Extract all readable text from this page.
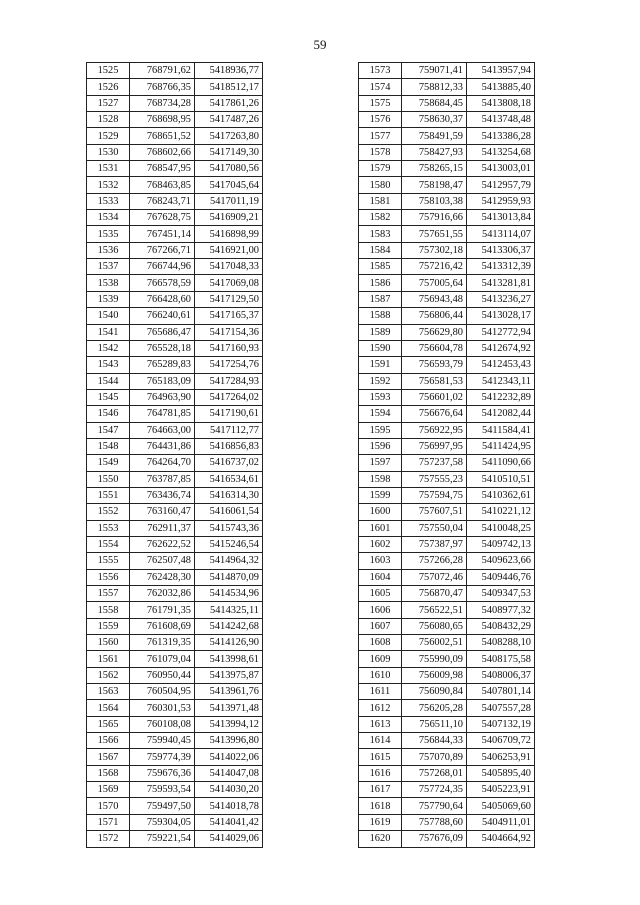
59
1525	768791,62	5418936,77
1526	768766,35	5418512,17
1527	768734,28	5417861,26
1528	768698,95	5417487,26
1529	768651,52	5417263,80
1530	768602,66	5417149,30
1531	768547,95	5417080,56
1532	768463,85	5417045,64
1533	768243,71	5417011,19
1534	767628,75	5416909,21
1535	767451,14	5416898,99
1536	767266,71	5416921,00
1537	766744,96	5417048,33
1538	766578,59	5417069,08
1539	766428,60	5417129,50
1540	766240,61	5417165,37
1541	765686,47	5417154,36
1542	765528,18	5417160,93
1543	765289,83	5417254,76
1544	765183,09	5417284,93
1545	764963,90	5417264,02
1546	764781,85	5417190,61
1547	764663,00	5417112,77
1548	764431,86	5416856,83
1549	764264,70	5416737,02
1550	763787,85	5416534,61
1551	763436,74	5416314,30
1552	763160,47	5416061,54
1553	762911,37	5415743,36
1554	762622,52	5415246,54
1555	762507,48	5414964,32
1556	762428,30	5414870,09
1557	762032,86	5414534,96
1558	761791,35	5414325,11
1559	761608,69	5414242,68
1560	761319,35	5414126,90
1561	761079,04	5413998,61
1562	760950,44	5413975,87
1563	760504,95	5413961,76
1564	760301,53	5413971,48
1565	760108,08	5413994,12
1566	759940,45	5413996,80
1567	759774,39	5414022,06
1568	759676,36	5414047,08
1569	759593,54	5414030,20
1570	759497,50	5414018,78
1571	759304,05	5414041,42
1572	759221,54	5414029,06
1573	759071,41	5413957,94
1574	758812,33	5413885,40
1575	758684,45	5413808,18
1576	758630,37	5413748,48
1577	758491,59	5413386,28
1578	758427,93	5413254,68
1579	758265,15	5413003,01
1580	758198,47	5412957,79
1581	758103,38	5412959,93
1582	757916,66	5413013,84
1583	757651,55	5413114,07
1584	757302,18	5413306,37
1585	757216,42	5413312,39
1586	757005,64	5413281,81
1587	756943,48	5413236,27
1588	756806,44	5413028,17
1589	756629,80	5412772,94
1590	756604,78	5412674,92
1591	756593,79	5412453,43
1592	756581,53	5412343,11
1593	756601,02	5412232,89
1594	756676,64	5412082,44
1595	756922,95	5411584,41
1596	756997,95	5411424,95
1597	757237,58	5411090,66
1598	757555,23	5410510,51
1599	757594,75	5410362,61
1600	757607,51	5410221,12
1601	757550,04	5410048,25
1602	757387,97	5409742,13
1603	757266,28	5409623,66
1604	757072,46	5409446,76
1605	756870,47	5409347,53
1606	756522,51	5408977,32
1607	756080,65	5408432,29
1608	756002,51	5408288,10
1609	755990,09	5408175,58
1610	756009,98	5408006,37
1611	756090,84	5407801,14
1612	756205,28	5407557,28
1613	756511,10	5407132,19
1614	756844,33	5406709,72
1615	757070,89	5406253,91
1616	757268,01	5405895,40
1617	757724,35	5405223,91
1618	757790,64	5405069,60
1619	757788,60	5404911,01
1620	757676,09	5404664,92
